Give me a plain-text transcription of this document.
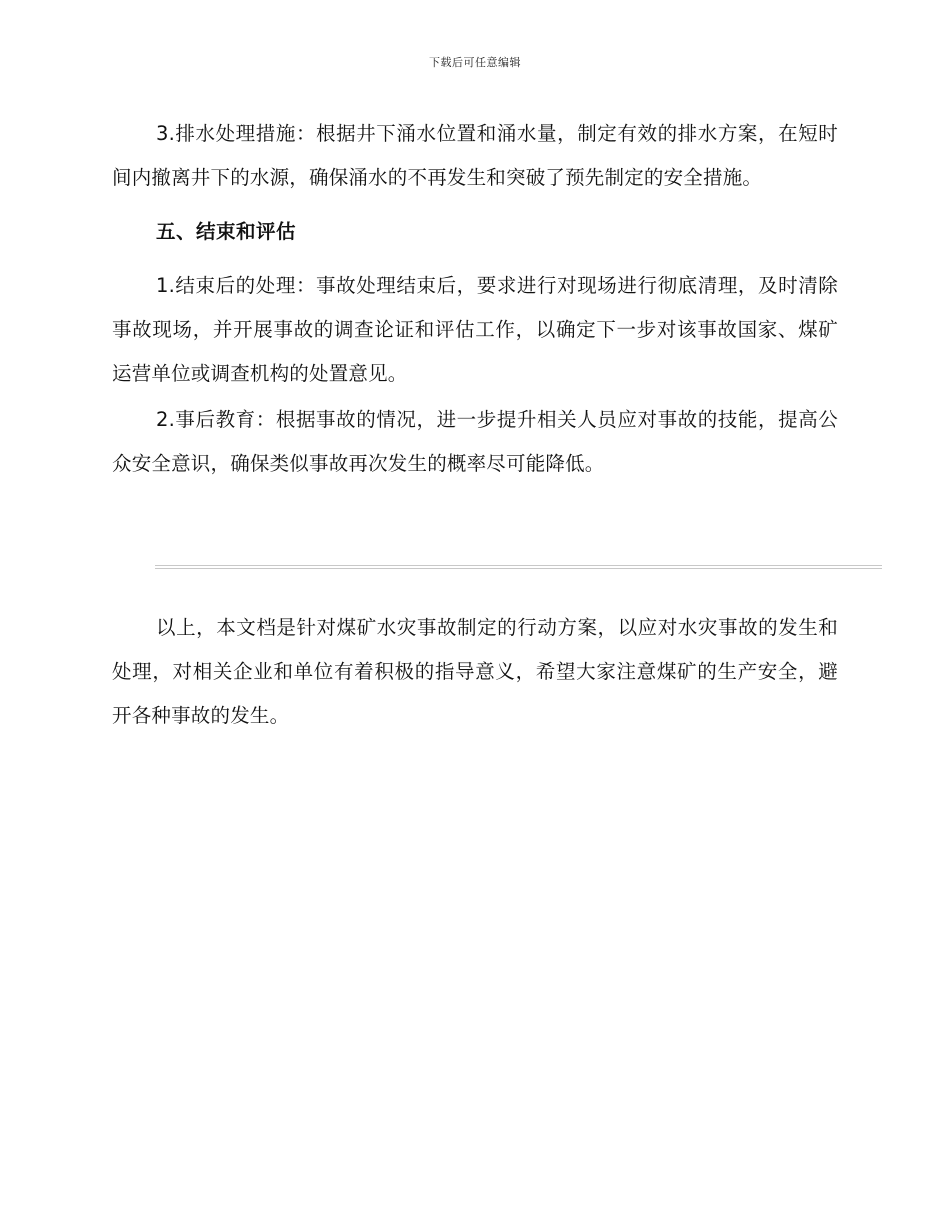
下载后可任意编辑

3.排水处理措施：根据井下涌水位置和涌水量，制定有效的排水方案，在短时间内撤离井下的水源，确保涌水的不再发生和突破了预先制定的安全措施。

五、结束和评估

1.结束后的处理：事故处理结束后，要求进行对现场进行彻底清理，及时清除事故现场，并开展事故的调查论证和评估工作，以确定下一步对该事故国家、煤矿运营单位或调查机构的处置意见。

2.事后教育：根据事故的情况，进一步提升相关人员应对事故的技能，提高公众安全意识，确保类似事故再次发生的概率尽可能降低。

以上，本文档是针对煤矿水灾事故制定的行动方案，以应对水灾事故的发生和处理，对相关企业和单位有着积极的指导意义，希望大家注意煤矿的生产安全，避开各种事故的发生。
